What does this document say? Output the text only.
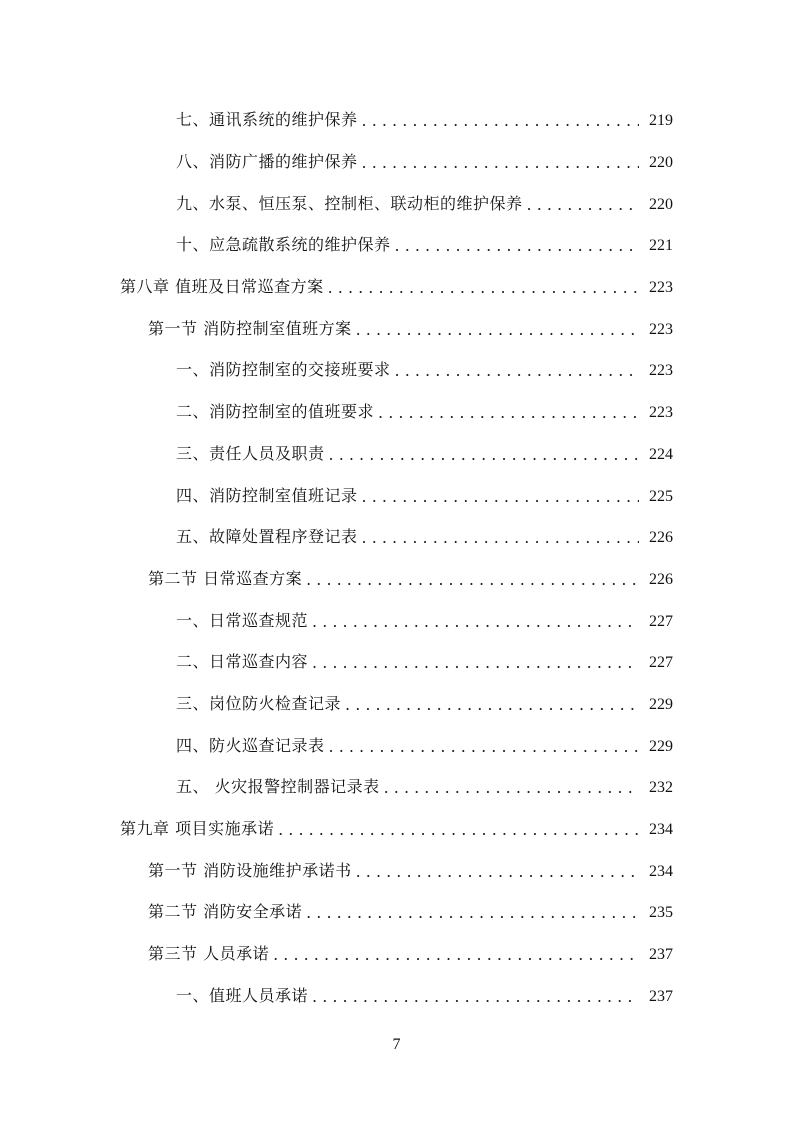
七、通讯系统的维护保养 . . .	219
八、消防广播的维护保养 . . .	220
九、水泵、恒压泵、控制柜、联动柜的维护保养 . . .	220
十、应急疏散系统的维护保养 . . .	221
第八章 值班及日常巡查方案 . . .	223
第一节 消防控制室值班方案 . . .	223
一、消防控制室的交接班要求 . . .	223
二、消防控制室的值班要求 . . .	223
三、责任人员及职责 . . .	224
四、消防控制室值班记录 . . .	225
五、故障处置程序登记表 . . .	226
第二节 日常巡查方案 . . .	226
一、日常巡查规范 . . .	227
二、日常巡查内容 . . .	227
三、岗位防火检查记录 . . .	229
四、防火巡查记录表 . . .	229
五、 火灾报警控制器记录表 . . .	232
第九章 项目实施承诺 . . .	234
第一节 消防设施维护承诺书 . . .	234
第二节 消防安全承诺 . . .	235
第三节 人员承诺 . . .	237
一、值班人员承诺 . . .	237
7
